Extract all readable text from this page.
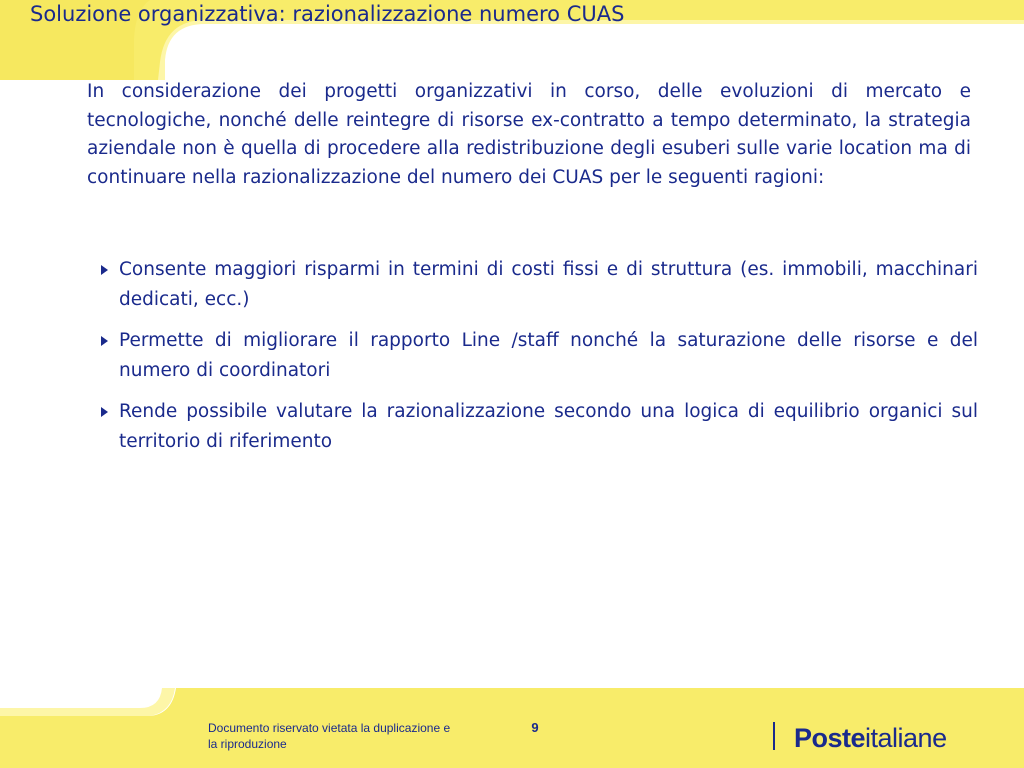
Soluzione organizzativa: razionalizzazione numero CUAS

In considerazione dei progetti organizzativi in corso, delle evoluzioni di mercato e tecnologiche, nonché delle reintegre di risorse ex-contratto a tempo determinato, la strategia aziendale non è quella di procedere alla redistribuzione degli esuberi sulle varie location ma di continuare nella razionalizzazione del numero dei CUAS per le seguenti ragioni:

Consente maggiori risparmi in termini di costi fissi e di struttura (es. immobili, macchinari dedicati, ecc.)
Permette di migliorare il rapporto Line /staff nonché la saturazione delle risorse e del numero di coordinatori
Rende possibile valutare la razionalizzazione secondo una logica di equilibrio organici sul territorio di riferimento

Documento riservato vietata la duplicazione e la riproduzione

9	Posteitaliane
